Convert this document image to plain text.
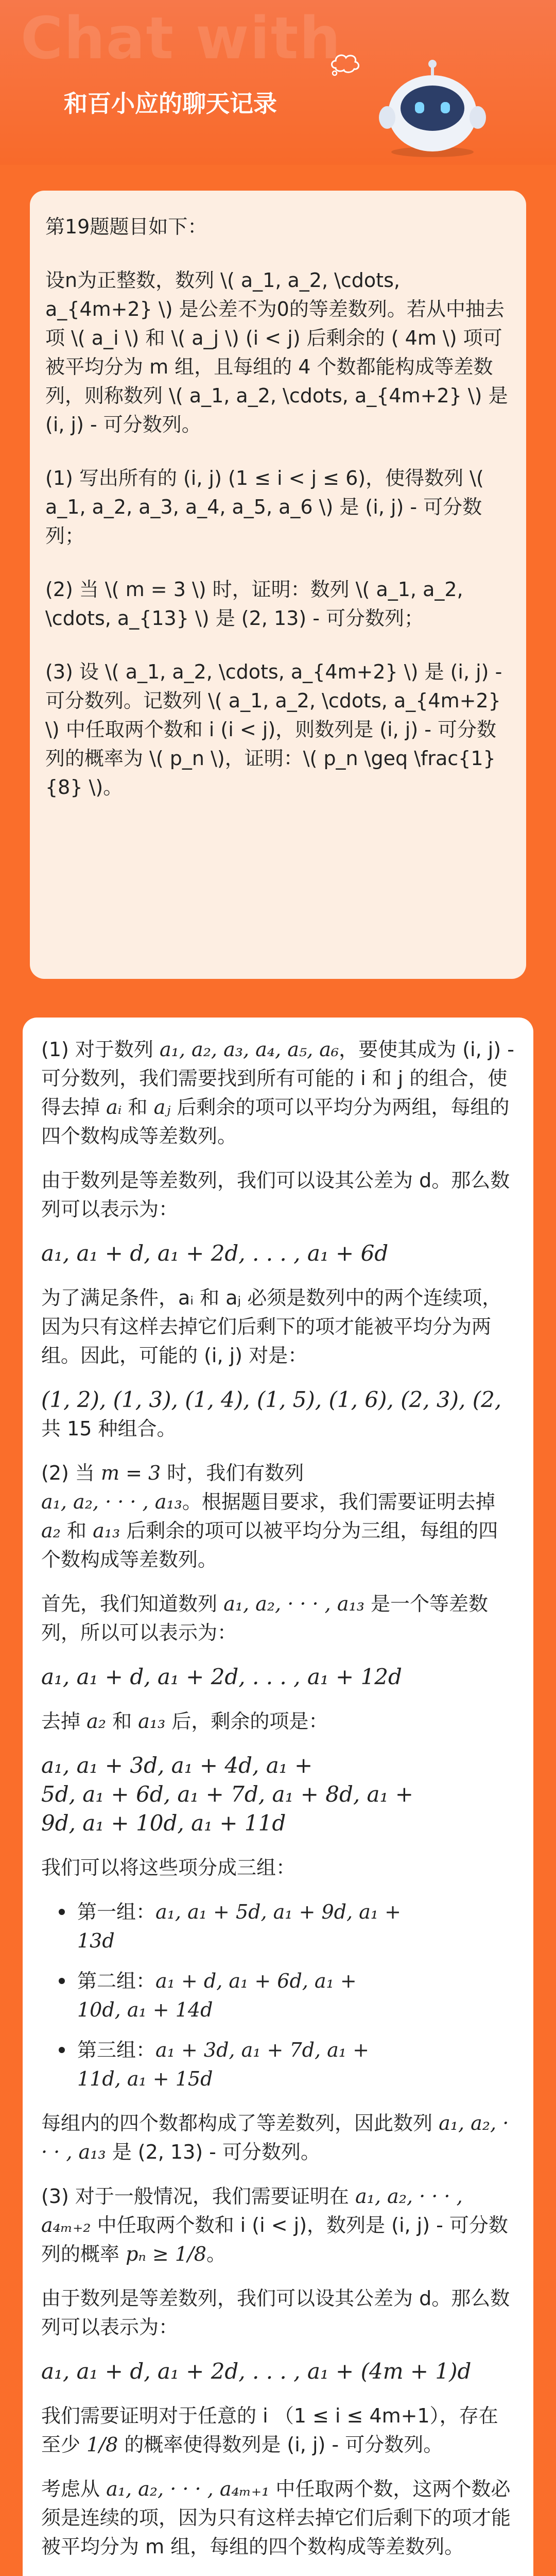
Chat with
和百小应的聊天记录

第19题题目如下：

设n为正整数，数列 \( a_1, a_2, \cdots, a_{4m+2} \) 是公差不为0的等差数列。若从中抽去项 \( a_i \) 和 \( a_j \) (i < j) 后剩余的 ( 4m \) 项可被平均分为 m 组，且每组的 4 个数都能构成等差数列，则称数列 \( a_1, a_2, \cdots, a_{4m+2} \) 是 (i, j) - 可分数列。

(1) 写出所有的 (i, j) (1 ≤ i < j ≤ 6)，使得数列 \( a_1, a_2, a_3, a_4, a_5, a_6 \) 是 (i, j) - 可分数列；

(2) 当 \( m = 3 \) 时，证明：数列 \( a_1, a_2, \cdots, a_{13} \) 是 (2, 13) - 可分数列；

(3) 设 \( a_1, a_2, \cdots, a_{4m+2} \) 是 (i, j) - 可分数列。记数列 \( a_1, a_2, \cdots, a_{4m+2} \) 中任取两个数和 i (i < j)，则数列是 (i, j) - 可分数列的概率为 \( p_n \)，证明：\( p_n \geq \frac{1}{8} \)。

(1) 对于数列 a₁, a₂, a₃, a₄, a₅, a₆，要使其成为 (i, j) - 可分数列，我们需要找到所有可能的 i 和 j 的组合，使得去掉 aᵢ 和 aⱼ 后剩余的项可以平均分为两组，每组的四个数构成等差数列。

由于数列是等差数列，我们可以设其公差为 d。那么数列可以表示为：

a₁, a₁ + d, a₁ + 2d, . . . , a₁ + 6d

为了满足条件，aᵢ 和 aⱼ 必须是数列中的两个连续项，因为只有这样去掉它们后剩下的项才能被平均分为两组。因此，可能的 (i, j) 对是：

(1, 2), (1, 3), (1, 4), (1, 5), (1, 6), (2, 3), (2,

共 15 种组合。

(2) 当 m = 3 时，我们有数列
a₁, a₂, · · · , a₁₃。根据题目要求，我们需要证明去掉 a₂ 和 a₁₃ 后剩余的项可以被平均分为三组，每组的四个数构成等差数列。

首先，我们知道数列 a₁, a₂, · · · , a₁₃ 是一个等差数列，所以可以表示为：

a₁, a₁ + d, a₁ + 2d, . . . , a₁ + 12d

去掉 a₂ 和 a₁₃ 后，剩余的项是：

a₁, a₁ + 3d, a₁ + 4d, a₁ +
5d, a₁ + 6d, a₁ + 7d, a₁ + 8d, a₁ +
9d, a₁ + 10d, a₁ + 11d

我们可以将这些项分成三组：

第一组：a₁, a₁ + 5d, a₁ + 9d, a₁ +
13d
第二组：a₁ + d, a₁ + 6d, a₁ +
10d, a₁ + 14d
第三组：a₁ + 3d, a₁ + 7d, a₁ +
11d, a₁ + 15d

每组内的四个数都构成了等差数列，因此数列 a₁, a₂, · · · , a₁₃ 是 (2, 13) - 可分数列。

(3) 对于一般情况，我们需要证明在 a₁, a₂, · · · , a₄ₘ₊₂ 中任取两个数和 i (i < j)，数列是 (i, j) - 可分数列的概率 pₙ ≥ 1/8。

由于数列是等差数列，我们可以设其公差为 d。那么数列可以表示为：

a₁, a₁ + d, a₁ + 2d, . . . , a₁ + (4m + 1)d

我们需要证明对于任意的 i （1 ≤ i ≤ 4m+1），存在至少 1/8 的概率使得数列是 (i, j) - 可分数列。

考虑从 a₁, a₂, · · · , a₄ₘ₊₁ 中任取两个数，这两个数必须是连续的项，因为只有这样去掉它们后剩下的项才能被平均分为 m 组，每组的四个数构成等差数列。
